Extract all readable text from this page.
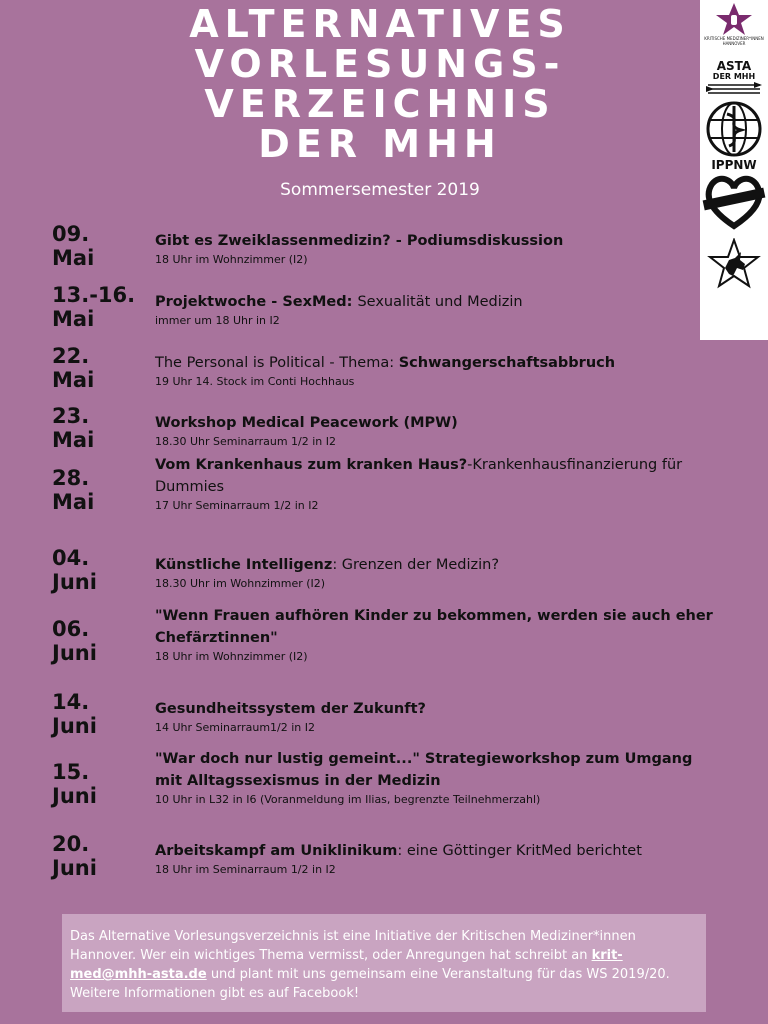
ALTERNATIVES
VORLESUNGS-
VERZEICHNIS
DER MHH
Sommersemester 2019
KRITISCHE MEDIZINER*INNEN HANNOVER
ASTA
DER MHH
IPPNW
09.
Mai
Gibt es Zweiklassenmedizin? - Podiumsdiskussion
18 Uhr im Wohnzimmer (I2)
13.-16.
Mai
Projektwoche - SexMed: Sexualität und Medizin
immer um 18 Uhr in I2
22.
Mai
The Personal is Political - Thema: Schwangerschaftsabbruch
19 Uhr 14. Stock im Conti Hochhaus
23.
Mai
Workshop Medical Peacework (MPW)
18.30 Uhr Seminarraum 1/2 in I2
28.
Mai
Vom Krankenhaus zum kranken Haus?-Krankenhausfinanzierung für Dummies
17 Uhr Seminarraum 1/2 in I2
04.
Juni
Künstliche Intelligenz: Grenzen der Medizin?
18.30 Uhr im Wohnzimmer (I2)
06.
Juni
"Wenn Frauen aufhören Kinder zu bekommen, werden sie auch eher Chefärztinnen"
18 Uhr im Wohnzimmer (I2)
14.
Juni
Gesundheitssystem der Zukunft?
14 Uhr Seminarraum1/2 in I2
15.
Juni
"War doch nur lustig gemeint..." Strategieworkshop zum Umgang mit Alltagssexismus in der Medizin
10 Uhr in L32 in I6 (Voranmeldung im Ilias, begrenzte Teilnehmerzahl)
20.
Juni
Arbeitskampf am Uniklinikum: eine Göttinger KritMed berichtet
18 Uhr im Seminarraum 1/2 in I2
Das Alternative Vorlesungsverzeichnis ist eine Initiative der Kritischen Mediziner*innen Hannover. Wer ein wichtiges Thema vermisst, oder Anregungen hat schreibt an krit-med@mhh-asta.de und plant mit uns gemeinsam eine Veranstaltung für das WS 2019/20. Weitere Informationen gibt es auf Facebook!
